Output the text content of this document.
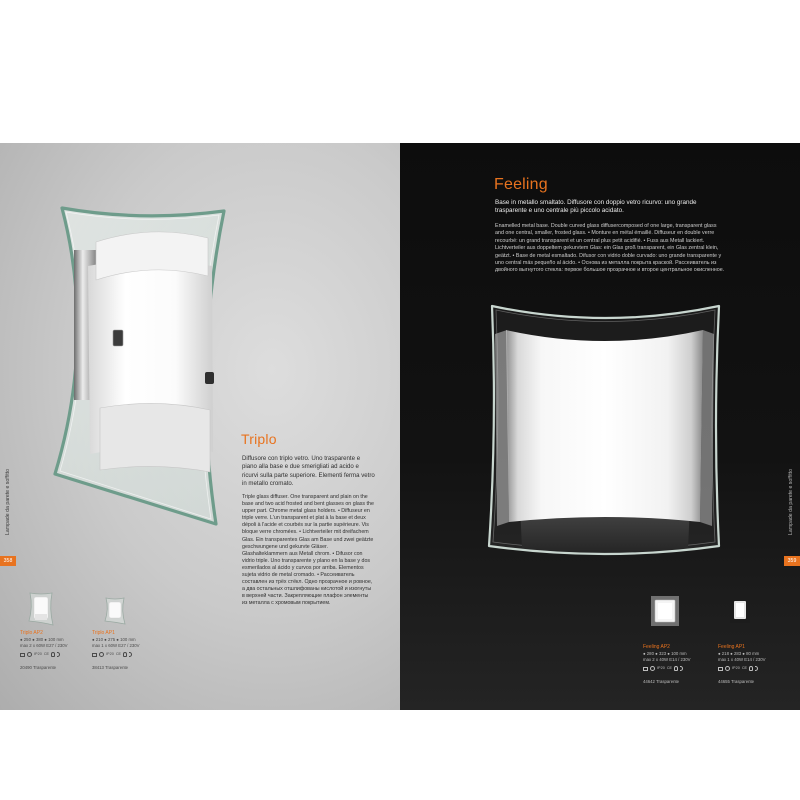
Triplo
Diffusore con triplo vetro. Uno trasparente e piano alla base e due smerigliati ad acido e ricurvi sulla parte superiore. Elementi ferma vetro in metallo cromato.
Triple glass diffuser. One transparent and plain on the base and two acid frosted and bent glasses on glass the upper part. Chrome metal glass holders. • Diffuseur en triple verre. L'un transparent et plat à la base et deux dépoli à l'acide et courbés sur la partie supérieure. Vis bloque verre chromées. • Lichtverteiler mit dreifachem Glas. Ein transparentes Glas am Base und zwei geätzte geschwungene und gekurvte Gläser. Glashalteklammern aus Metall chrom. • Difusor con vidrio triple. Uno transparente y plano en la base y dos esmerilados al ácido y curvos por arriba. Elementos sujeta vidrio de metal cromado. • Рассеиватель составлен из трёх стёкл. Одно прозрачное и ровное, а два остальных отшлифованы кислотой и изогнуты в верхней части. Закрепляющие плафон элементы из металла с хромовым покрытием.
Lampade da parete e soffitto
358
Triplo AP2
● 250 ● 380 ● 100 mm
max 2 x 60W E27 / 230V
IP20 CE
20490 Trasparente
Triplo AP1
● 210 ● 275 ● 100 mm
max 1 x 60W E27 / 230V
IP20 CE
38413 Trasparente
Feeling
Base in metallo smaltato. Diffusore con doppio vetro ricurvo: uno grande trasparente e uno centrale più piccolo acidato.
Enamelled metal base. Double curved glass diffusercomposed of one large, transparent glass and one central, smaller, frosted glass. • Monture en métal émaillé. Diffuseur en double verre recourbé: un grand transparent et un central plus petit acidifié. • Fuss aus Metall lackiert. Lichtverteiler aus doppeltem gekurvtem Glas: ein Glas groß transparent, ein Glas zentral klein, geätzt. • Base de metal esmaltado. Difusor con vidrio doble curvado: uno grande transparente y uno central más pequeño al ácido. • Основа из металла покрыта краской. Рассеиватель из двойного выгнутого стекла: первое большое прозрачное и второе центральное окисленное.
Lampade da parete e soffitto
359
Feeling AP2
● 280 ● 323 ● 100 mm
max 2 x 40W E14 / 230V
IP20 CE
44642 Trasparente
Feeling AP1
● 218 ● 283 ● 80 mm
max 1 x 40W E14 / 230V
IP20 CE
44655 Trasparente
